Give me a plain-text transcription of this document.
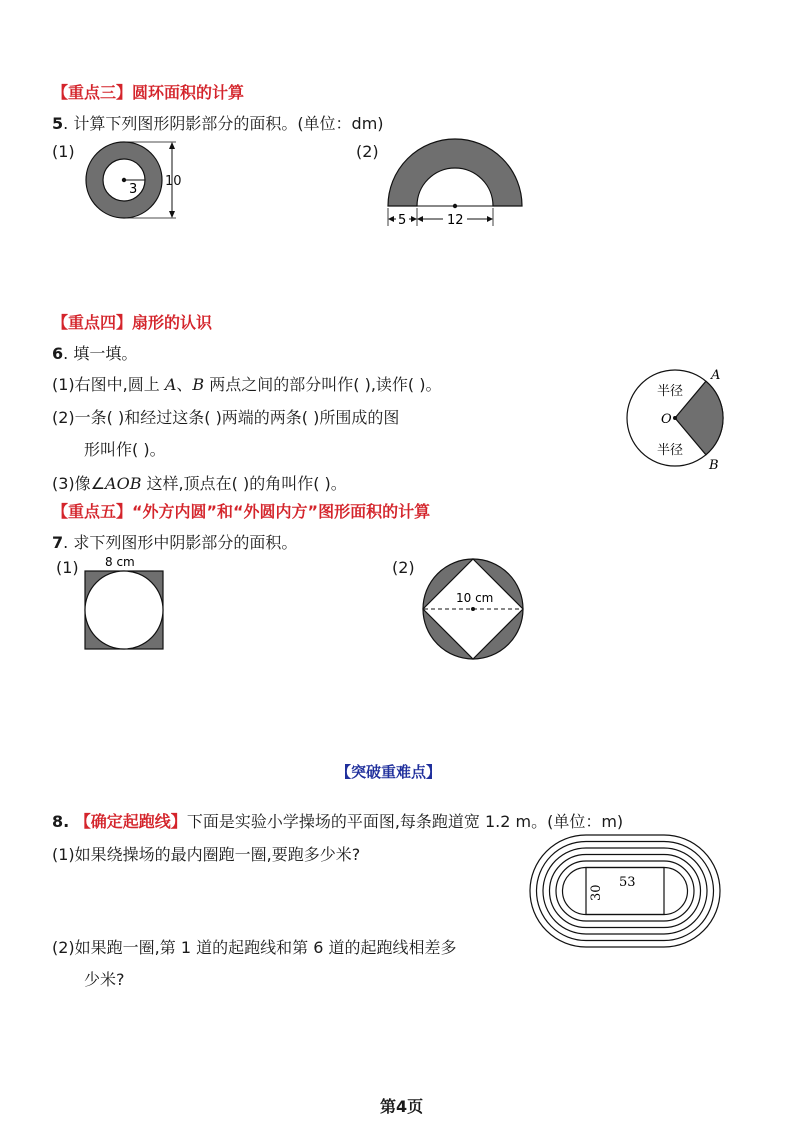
【重点三】圆环面积的计算
5. 计算下列图形阴影部分的面积。(单位：dm)
(1)
3
10
(2)
5	12
【重点四】扇形的认识
6. 填一填。
(1)右图中,圆上 A、B 两点之间的部分叫作( ),读作( )。
(2)一条( )和经过这条( )两端的两条( )所围成的图
形叫作( )。
(3)像∠AOB 这样,顶点在( )的角叫作( )。
半径
半径
O
A
B
【重点五】“外方内圆”和“外圆内方”图形面积的计算
7. 求下列图形中阴影部分的面积。
(1) 8 cm	(2)
10 cm
【突破重难点】
8. 【确定起跑线】下面是实验小学操场的平面图,每条跑道宽 1.2 m。(单位：m)
(1)如果绕操场的最内圈跑一圈,要跑多少米?
(2)如果跑一圈,第 1 道的起跑线和第 6 道的起跑线相差多
少米?
53
30
第4页
